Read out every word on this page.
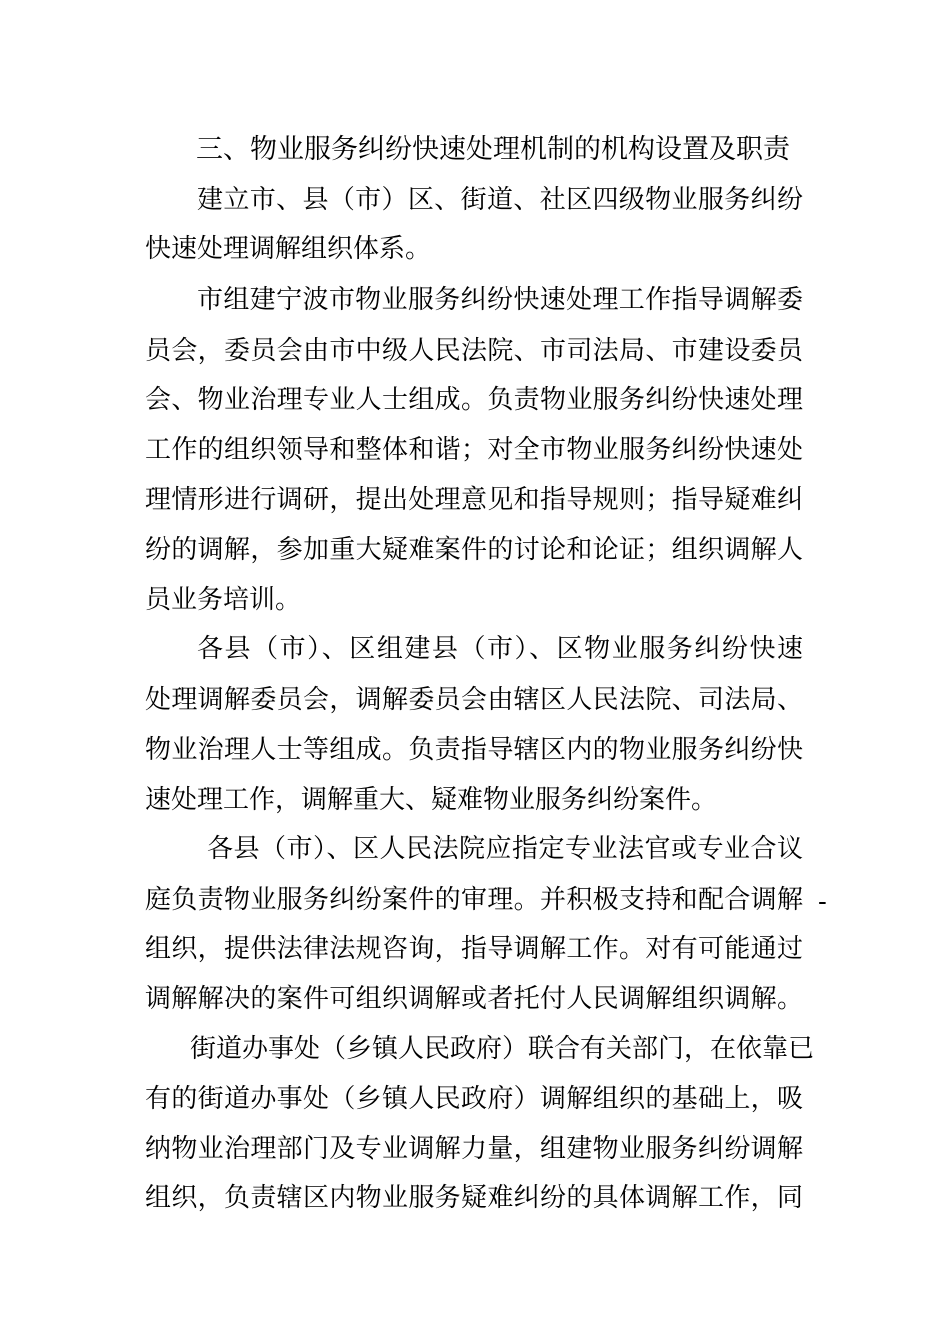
三、物业服务纠纷快速处理机制的机构设置及职责
建立市、县（市）区、街道、社区四级物业服务纠纷
快速处理调解组织体系。
市组建宁波市物业服务纠纷快速处理工作指导调解委
员会，委员会由市中级人民法院、市司法局、市建设委员
会、物业治理专业人士组成。负责物业服务纠纷快速处理
工作的组织领导和整体和谐；对全市物业服务纠纷快速处
理情形进行调研，提出处理意见和指导规则；指导疑难纠
纷的调解，参加重大疑难案件的讨论和论证；组织调解人
员业务培训。
各县（市）、区组建县（市）、区物业服务纠纷快速
处理调解委员会，调解委员会由辖区人民法院、司法局、
物业治理人士等组成。负责指导辖区内的物业服务纠纷快
速处理工作，调解重大、疑难物业服务纠纷案件。
各县（市）、区人民法院应指定专业法官或专业合议
庭负责物业服务纠纷案件的审理。并积极支持和配合调解
组织，提供法律法规咨询，指导调解工作。对有可能通过
调解解决的案件可组织调解或者托付人民调解组织调解。
-
街道办事处（乡镇人民政府）联合有关部门，在依靠已
有的街道办事处（乡镇人民政府）调解组织的基础上，吸
纳物业治理部门及专业调解力量，组建物业服务纠纷调解
组织，负责辖区内物业服务疑难纠纷的具体调解工作，同
